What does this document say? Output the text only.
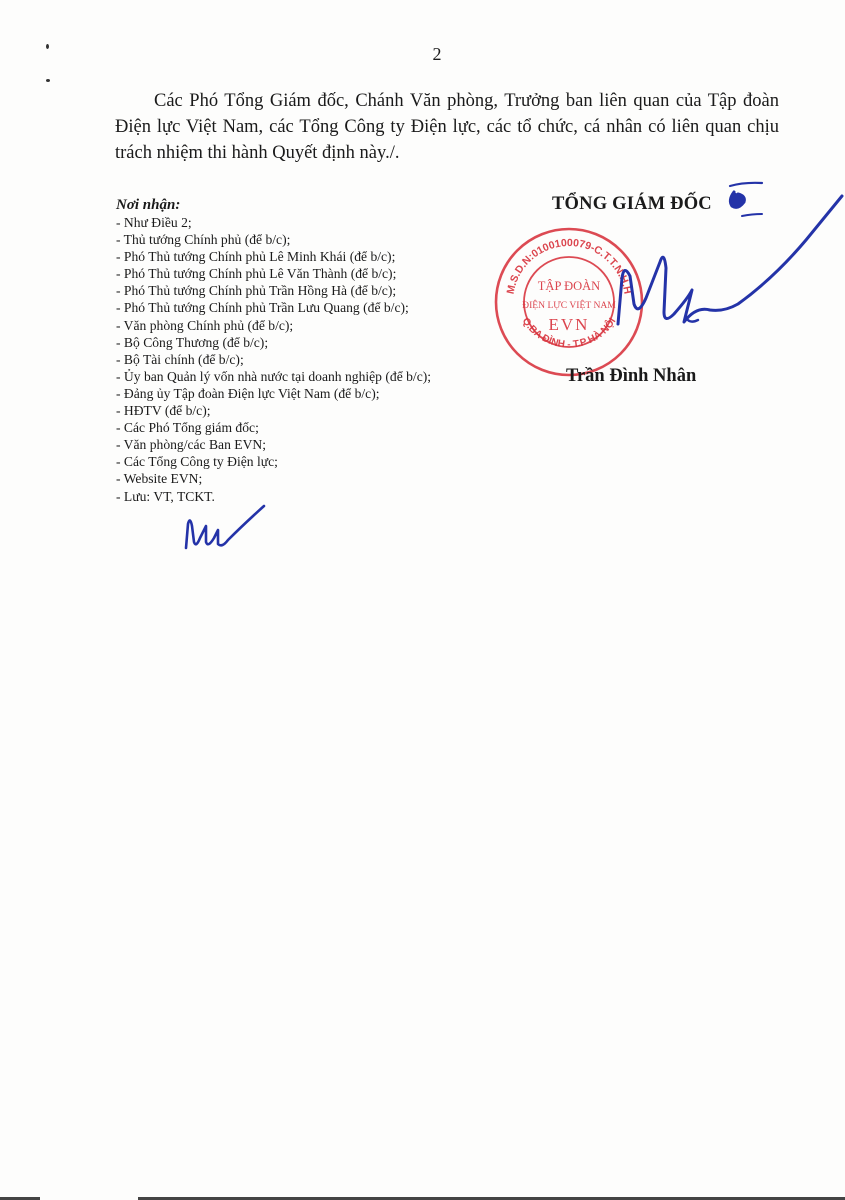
2
Các Phó Tổng Giám đốc, Chánh Văn phòng, Trưởng ban liên quan của Tập đoàn Điện lực Việt Nam, các Tổng Công ty Điện lực, các tổ chức, cá nhân có liên quan chịu trách nhiệm thi hành Quyết định này./.
Nơi nhận:
- Như Điều 2;
- Thủ tướng Chính phủ (để b/c);
- Phó Thủ tướng Chính phủ Lê Minh Khái (để b/c);
- Phó Thủ tướng Chính phủ Lê Văn Thành (để b/c);
- Phó Thủ tướng Chính phủ Trần Hồng Hà (để b/c);
- Phó Thủ tướng Chính phủ Trần Lưu Quang (để b/c);
- Văn phòng Chính phủ (để b/c);
- Bộ Công Thương (để b/c);
- Bộ Tài chính (để b/c);
- Ủy ban Quản lý vốn nhà nước tại doanh nghiệp (để b/c);
- Đảng ủy Tập đoàn Điện lực Việt Nam (để b/c);
- HĐTV (để b/c);
- Các Phó Tổng giám đốc;
- Văn phòng/các Ban EVN;
- Các Tổng Công ty Điện lực;
- Website EVN;
- Lưu: VT, TCKT.
M.S.D.N:0100100079-C.T.T.N.H.H
Q.BA ĐÌNH - T.P HÀ NỘI
TẬP ĐOÀN
ĐIỆN LỰC VIỆT NAM
EVN
TỔNG GIÁM ĐỐC
Trần Đình Nhân
